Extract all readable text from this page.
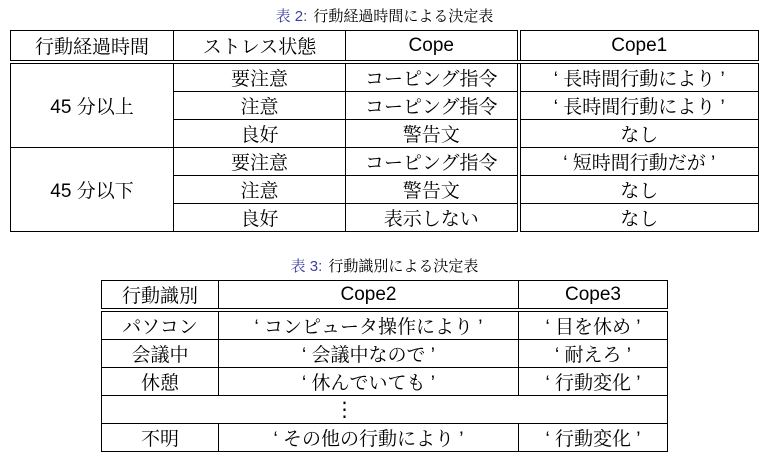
表 2: 行動経過時間による決定表
行動経過時間	ストレス状態	Cope	Cope1
45 分以上	要注意	コーピング指令	‘ 長時間行動により ’
	注意	コーピング指令	‘ 長時間行動により ’
	良好	警告文	なし
45 分以下	要注意	コーピング指令	‘ 短時間行動だが ’
	注意	警告文	なし
	良好	表示しない	なし
表 3: 行動識別による決定表
行動識別	Cope2	Cope3
パソコン	‘ コンピュータ操作により ’	‘ 目を休め ’
会議中	‘ 会議中なので ’	‘ 耐えろ ’
休憩	‘ 休んでいても ’	‘ 行動変化 ’
⋮		
不明	‘ その他の行動により ’	‘ 行動変化 ’
